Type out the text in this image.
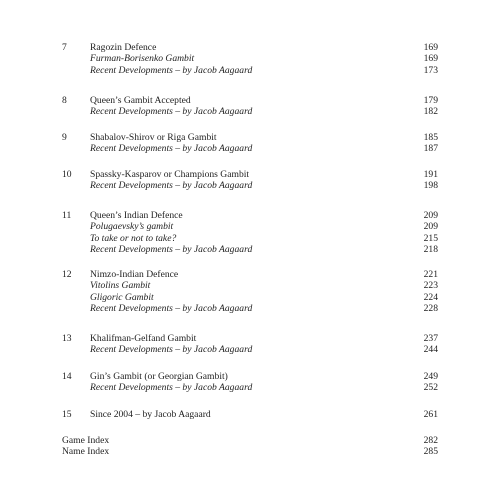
7 Ragozin Defence	169
Furman-Borisenko Gambit	169
Recent Developments – by Jacob Aagaard	173
8 Queen’s Gambit Accepted	179
Recent Developments – by Jacob Aagaard	182
9 Shabalov-Shirov or Riga Gambit	185
Recent Developments – by Jacob Aagaard	187
10 Spassky-Kasparov or Champions Gambit	191
Recent Developments – by Jacob Aagaard	198
11 Queen’s Indian Defence	209
Polugaevsky’s gambit	209
To take or not to take?	215
Recent Developments – by Jacob Aagaard	218
12 Nimzo-Indian Defence	221
Vitolins Gambit	223
Gligoric Gambit	224
Recent Developments – by Jacob Aagaard	228
13 Khalifman-Gelfand Gambit	237
Recent Developments – by Jacob Aagaard	244
14 Gin’s Gambit (or Georgian Gambit)	249
Recent Developments – by Jacob Aagaard	252
15 Since 2004 – by Jacob Aagaard	261
Game Index	282
Name Index	285
